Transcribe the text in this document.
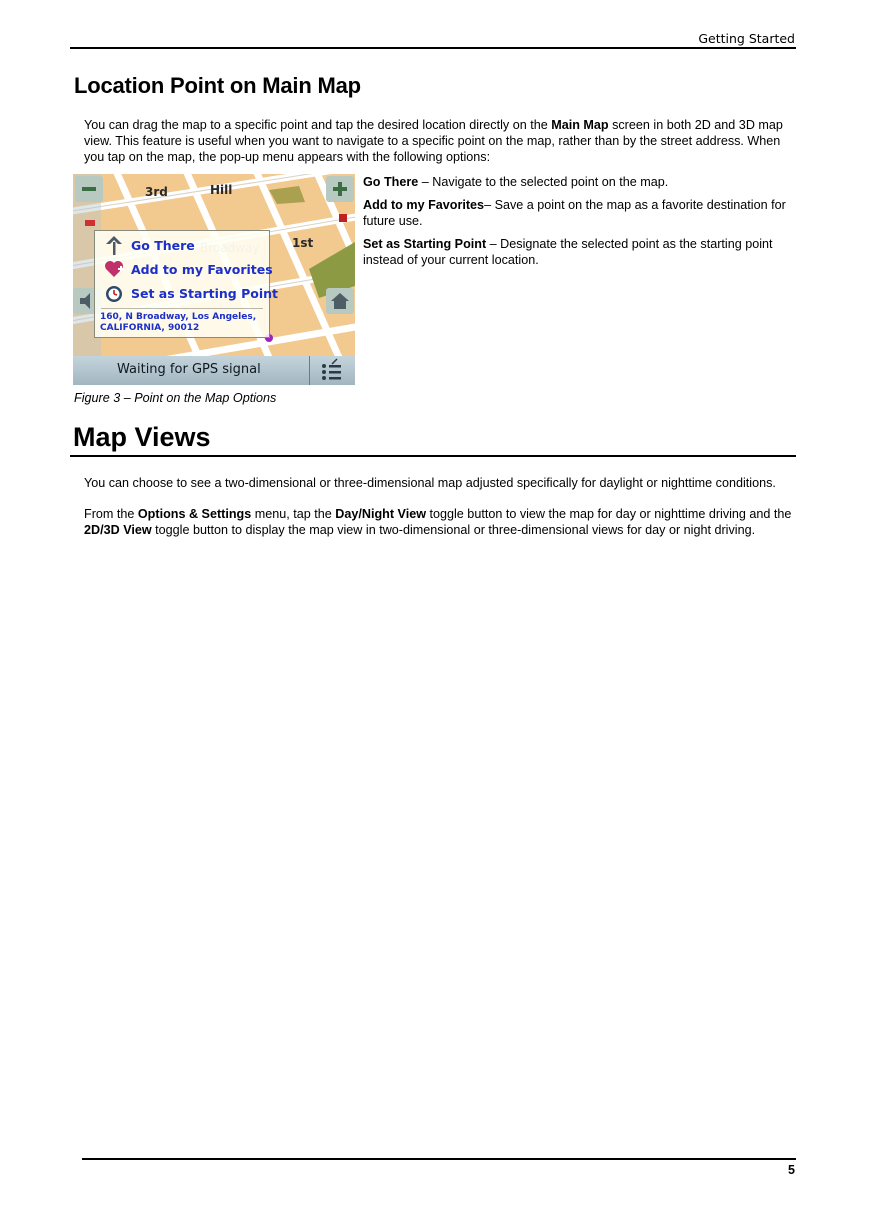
Getting Started
Location Point on Main Map

You can drag the map to a specific point and tap the desired location directly on the Main Map screen in both 2D and 3D map view. This feature is useful when you want to navigate to a specific point on the map, rather than by the street address. When you tap on the map, the pop-up menu appears with the following options:

3rd	Hill
1st
Go There
Add to my Favorites
Set as Starting Point
160, N Broadway, Los Angeles, CALIFORNIA, 90012
Waiting for GPS signal

Go There – Navigate to the selected point on the map.

Add to my Favorites– Save a point on the map as a favorite destination for future use.

Set as Starting Point – Designate the selected point as the starting point instead of your current location.

Figure 3 – Point on the Map Options
Map Views

You can choose to see a two-dimensional or three-dimensional map adjusted specifically for daylight or nighttime conditions.

From the Options & Settings menu, tap the Day/Night View toggle button to view the map for day or nighttime driving and the 2D/3D View toggle button to display the map view in two-dimensional or three-dimensional views for day or night driving.

5
